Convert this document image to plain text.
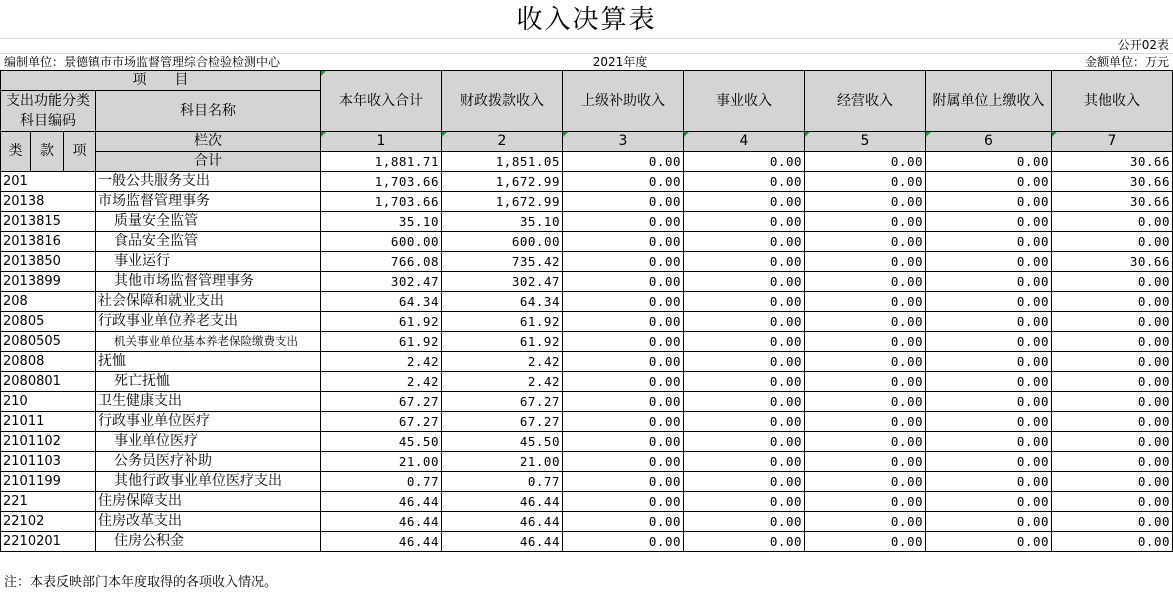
收入决算表
公开02表
编制单位：景德镇市市场监督管理综合检验检测中心	2021年度	金额单位：万元
项　　目				本年收入合计	财政拨款收入	上级补助收入	事业收入	经营收入	附属单位上缴收入	其他收入
支出功能分类科目编码			科目名称							

类	款	项	栏次	1	2	3	4	5	6	7
			合计	1,881.71	1,851.05	0.00	0.00	0.00	0.00	30.66
201			一般公共服务支出	1,703.66	1,672.99	0.00	0.00	0.00	0.00	30.66
20138			市场监督管理事务	1,703.66	1,672.99	0.00	0.00	0.00	0.00	30.66
2013815			质量安全监管	35.10	35.10	0.00	0.00	0.00	0.00	0.00
2013816			食品安全监管	600.00	600.00	0.00	0.00	0.00	0.00	0.00
2013850			事业运行	766.08	735.42	0.00	0.00	0.00	0.00	30.66
2013899			其他市场监督管理事务	302.47	302.47	0.00	0.00	0.00	0.00	0.00
208			社会保障和就业支出	64.34	64.34	0.00	0.00	0.00	0.00	0.00
20805			行政事业单位养老支出	61.92	61.92	0.00	0.00	0.00	0.00	0.00
2080505			机关事业单位基本养老保险缴费支出	61.92	61.92	0.00	0.00	0.00	0.00	0.00
20808			抚恤	2.42	2.42	0.00	0.00	0.00	0.00	0.00
2080801			死亡抚恤	2.42	2.42	0.00	0.00	0.00	0.00	0.00
210			卫生健康支出	67.27	67.27	0.00	0.00	0.00	0.00	0.00
21011			行政事业单位医疗	67.27	67.27	0.00	0.00	0.00	0.00	0.00
2101102			事业单位医疗	45.50	45.50	0.00	0.00	0.00	0.00	0.00
2101103			公务员医疗补助	21.00	21.00	0.00	0.00	0.00	0.00	0.00
2101199			其他行政事业单位医疗支出	0.77	0.77	0.00	0.00	0.00	0.00	0.00
221			住房保障支出	46.44	46.44	0.00	0.00	0.00	0.00	0.00
22102			住房改革支出	46.44	46.44	0.00	0.00	0.00	0.00	0.00
2210201			住房公积金	46.44	46.44	0.00	0.00	0.00	0.00	0.00
注：本表反映部门本年度取得的各项收入情况。
